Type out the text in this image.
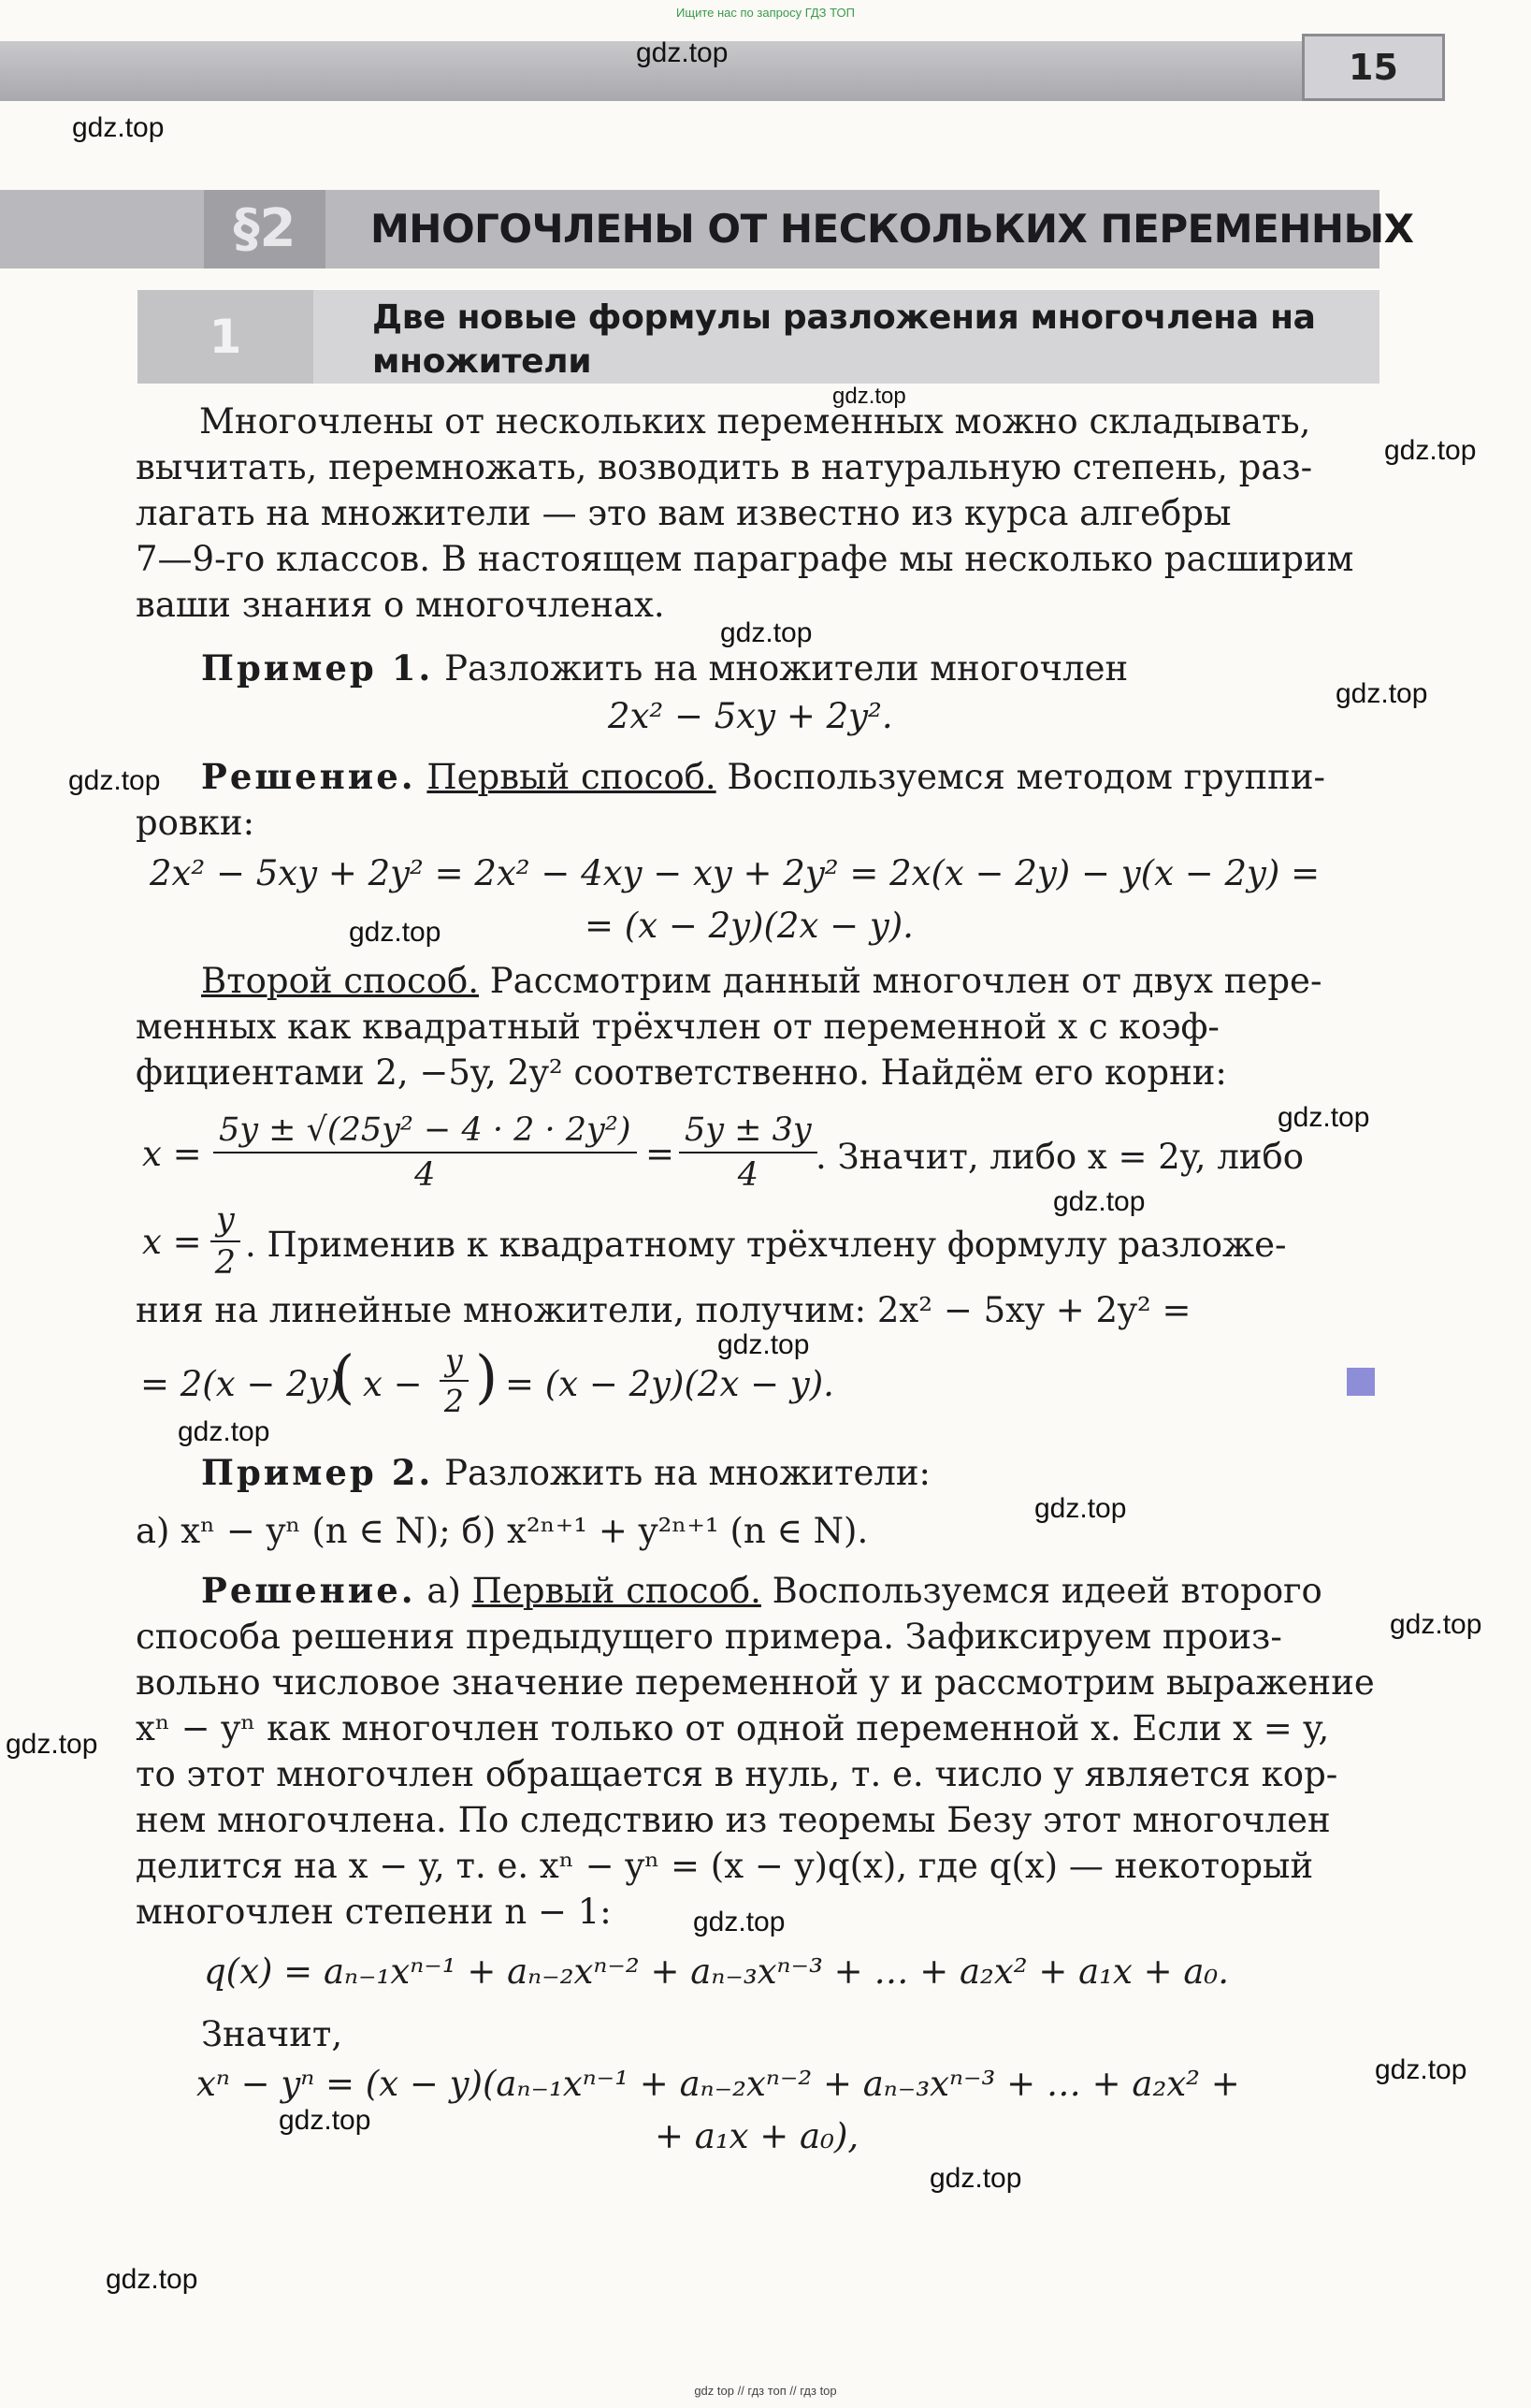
Ищите нас по запросу ГДЗ ТОП
15
§2	МНОГОЧЛЕНЫ ОТ НЕСКОЛЬКИХ ПЕРЕМЕННЫХ
1	Две новые формулы разложения многочлена на множители
Многочлены от нескольких переменных можно складывать,
вычитать, перемножать, возводить в натуральную степень, раз-
лагать на множители — это вам известно из курса алгебры
7—9-го классов. В настоящем параграфе мы несколько расширим
ваши знания о многочленах.
Пример 1. Разложить на множители многочлен
2x² − 5xy + 2y².
Решение. Первый способ. Воспользуемся методом группи-
ровки:
2x² − 5xy + 2y² = 2x² − 4xy − xy + 2y² = 2x(x − 2y) − y(x − 2y) =
= (x − 2y)(2x − y).
Второй способ. Рассмотрим данный многочлен от двух пере-
менных как квадратный трёхчлен от переменной x с коэф-
фициентами 2, −5y, 2y² соответственно. Найдём его корни:
$x = \frac{\text{5y ± √(25y² − 4 · 2 · 2y²)}}{4} = \frac{5y \pm 3y}{4}$
. Значит, либо x = 2y, либо
$x = \frac{y}{2}$ . Применив к квадратному трёхчлену формулу разложе-
ния на линейные множители, получим: 2x² − 5xy + 2y² =
= 2(x − 2y)
( $x - \frac{y}{2}$ ) = (x − 2y)(2x − y).
Пример 2. Разложить на множители:
а) xⁿ − yⁿ (n ∈ N); б) x²ⁿ⁺¹ + y²ⁿ⁺¹ (n ∈ N).
Решение. а) Первый способ. Воспользуемся идеей второго
способа решения предыдущего примера. Зафиксируем произ-
вольно числовое значение переменной y и рассмотрим выражение
xⁿ − yⁿ как многочлен только от одной переменной x. Если x = y,
то этот многочлен обращается в нуль, т. е. число y является кор-
нем многочлена. По следствию из теоремы Безу этот многочлен
делится на x − y, т. е. xⁿ − yⁿ = (x − y)q(x), где q(x) — некоторый
многочлен степени n − 1:
q(x) = aₙ₋₁xⁿ⁻¹ + aₙ₋₂xⁿ⁻² + aₙ₋₃xⁿ⁻³ + … + a₂x² + a₁x + a₀.
Значит,
xⁿ − yⁿ = (x − y)(aₙ₋₁xⁿ⁻¹ + aₙ₋₂xⁿ⁻² + aₙ₋₃xⁿ⁻³ + … + a₂x² +
+ a₁x + a₀),
gdz.top
gdz.top
gdz.top
gdz.top
gdz.top
gdz.top
gdz.top
gdz.top
gdz.top
gdz.top
gdz.top
gdz.top
gdz.top
gdz.top
gdz.top
gdz.top
gdz.top
gdz.top
gdz.top
gdz.top
gdz top // гдз топ // гдз top
